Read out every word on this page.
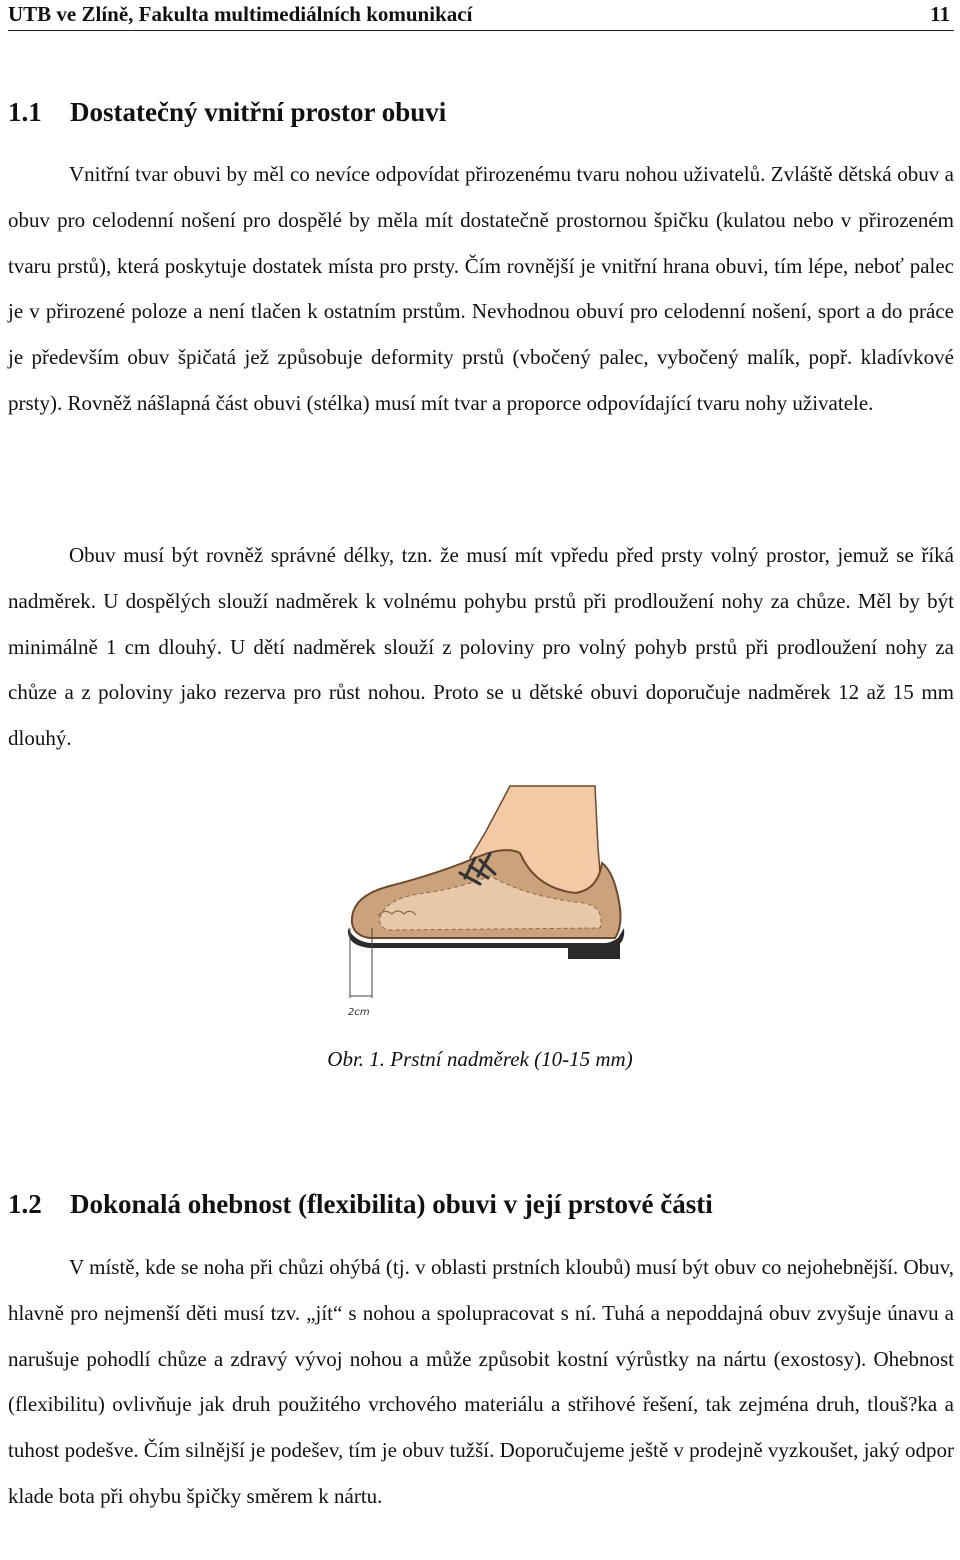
UTB ve Zlíně, Fakulta multimediálních komunikací	11
1.1 Dostatečný vnitřní prostor obuvi

Vnitřní tvar obuvi by měl co nevíce odpovídat přirozenému tvaru nohou uživatelů. Zvláště dětská obuv a obuv pro celodenní nošení pro dospělé by měla mít dostatečně prostornou špičku (kulatou nebo v přirozeném tvaru prstů), která poskytuje dostatek místa pro prsty. Čím rovnější je vnitřní hrana obuvi, tím lépe, neboť palec je v přirozené poloze a není tlačen k ostatním prstům. Nevhodnou obuví pro celodenní nošení, sport a do práce je především obuv špičatá jež způsobuje deformity prstů (vbočený palec, vybočený malík, popř. kladívkové prsty). Rovněž nášlapná část obuvi (stélka) musí mít tvar a proporce odpovídající tvaru nohy uživatele.

Obuv musí být rovněž správné délky, tzn. že musí mít vpředu před prsty volný prostor, jemuž se říká nadměrek. U dospělých slouží nadměrek k volnému pohybu prstů při prodloužení nohy za chůze. Měl by být minimálně 1 cm dlouhý. U dětí nadměrek slouží z poloviny pro volný pohyb prstů při prodloužení nohy za chůze a z poloviny jako rezerva pro růst nohou. Proto se u dětské obuvi doporučuje nadměrek 12 až 15 mm dlouhý.

2cm
Obr. 1. Prstní nadměrek (10-15 mm)
1.2 Dokonalá ohebnost (flexibilita) obuvi v její prstové části

V místě, kde se noha při chůzi ohýbá (tj. v oblasti prstních kloubů) musí být obuv co nejohebnější. Obuv, hlavně pro nejmenší děti musí tzv. „jít“ s nohou a spolupracovat s ní. Tuhá a nepoddajná obuv zvyšuje únavu a narušuje pohodlí chůze a zdravý vývoj nohou a může způsobit kostní výrůstky na nártu (exostosy). Ohebnost (flexibilitu) ovlivňuje jak druh použitého vrchového materiálu a střihové řešení, tak zejména druh, tlouš?ka a tuhost podešve. Čím silnější je podešev, tím je obuv tužší. Doporučujeme ještě v prodejně vyzkoušet, jaký odpor klade bota při ohybu špičky směrem k nártu.
